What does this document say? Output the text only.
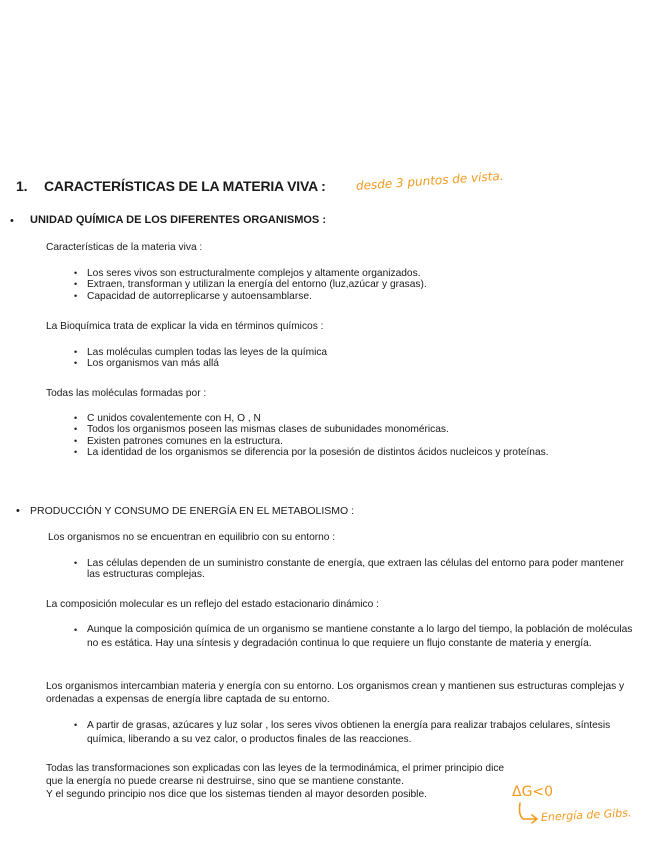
1. CARACTERÍSTICAS DE LA MATERIA VIVA : desde 3 puntos de vista.
• UNIDAD QUÍMICA DE LOS DIFERENTES ORGANISMOS :
Características de la materia viva :
• Los seres vivos son estructuralmente complejos y altamente organizados.
• Extraen, transforman y utilizan la energía del entorno (luz,azúcar y grasas).
• Capacidad de autorreplicarse y autoensamblarse.
La Bioquímica trata de explicar la vida en términos químicos :
• Las moléculas cumplen todas las leyes de la química
• Los organismos van más allá
Todas las moléculas formadas por :
• C unidos covalentemente con H, O , N
• Todos los organismos poseen las mismas clases de subunidades monoméricas.
• Existen patrones comunes en la estructura.
• La identidad de los organismos se diferencia por la posesión de distintos ácidos nucleicos y proteínas.
• PRODUCCIÓN Y CONSUMO DE ENERGÍA EN EL METABOLISMO :
Los organismos no se encuentran en equilibrio con su entorno :
• Las células dependen de un suministro constante de energía, que extraen las células del entorno para poder mantener las estructuras complejas.
La composición molecular es un reflejo del estado estacionario dinámico :
• Aunque la composición química de un organismo se mantiene constante a lo largo del tiempo, la población de moléculas no es estática. Hay una síntesis y degradación continua lo que requiere un flujo constante de materia y energía.
Los organismos intercambian materia y energía con su entorno. Los organismos crean y mantienen sus estructuras complejas y ordenadas a expensas de energía libre captada de su entorno.
• A partir de grasas, azúcares y luz solar , los seres vivos obtienen la energía para realizar trabajos celulares, síntesis química, liberando a su vez calor, o productos finales de las reacciones.
Todas las transformaciones son explicadas con las leyes de la termodinámica, el primer principio dice
que la energía no puede crearse ni destruirse, sino que se mantiene constante.
Y el segundo principio nos dice que los sistemas tienden al mayor desorden posible.	ΔG<0
Energía de Gibs.
